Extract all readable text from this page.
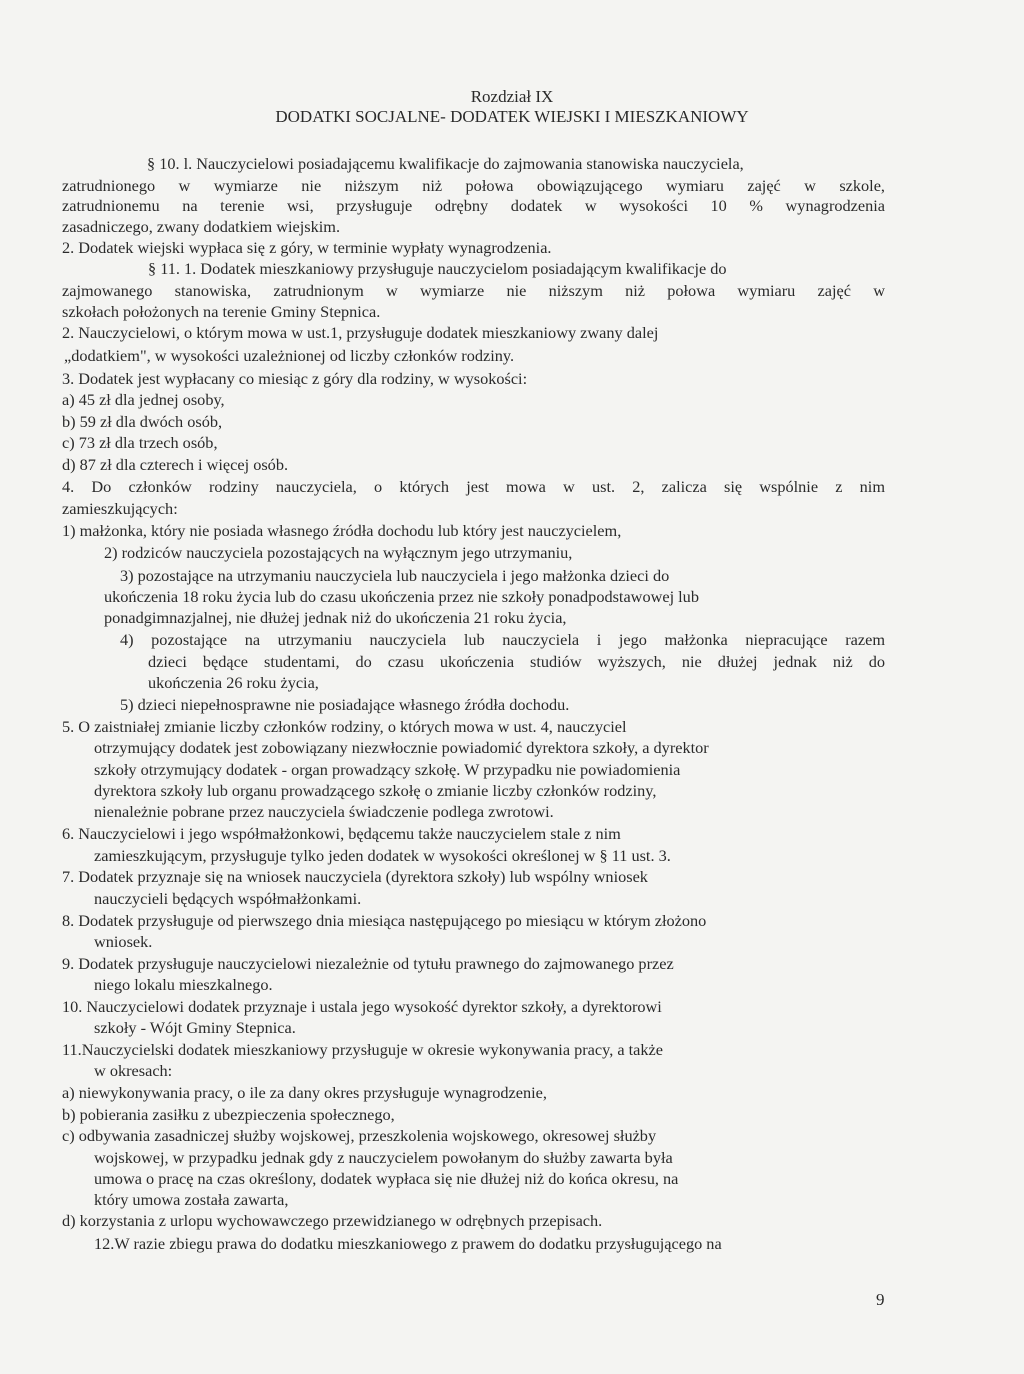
Rozdział IX
DODATKI SOCJALNE- DODATEK WIEJSKI I MIESZKANIOWY
§ 10. l. Nauczycielowi posiadającemu kwalifikacje do zajmowania stanowiska nauczyciela,
zatrudnionego w wymiarze nie niższym niż połowa obowiązującego wymiaru zajęć w szkole,
zatrudnionemu na terenie wsi, przysługuje odrębny dodatek w wysokości 10 % wynagrodzenia
zasadniczego, zwany dodatkiem wiejskim.
2. Dodatek wiejski wypłaca się z góry, w terminie wypłaty wynagrodzenia.
§ 11. 1. Dodatek mieszkaniowy przysługuje nauczycielom posiadającym kwalifikacje do
zajmowanego stanowiska, zatrudnionym w wymiarze nie niższym niż połowa wymiaru zajęć w
szkołach położonych na terenie Gminy Stepnica.
2. Nauczycielowi, o którym mowa w ust.1, przysługuje dodatek mieszkaniowy zwany dalej
„dodatkiem", w wysokości uzależnionej od liczby członków rodziny.
3. Dodatek jest wypłacany co miesiąc z góry dla rodziny, w wysokości:
a) 45 zł dla jednej osoby,
b) 59 zł dla dwóch osób,
c) 73 zł dla trzech osób,
d) 87 zł dla czterech i więcej osób.
4. Do członków rodziny nauczyciela, o których jest mowa w ust. 2, zalicza się wspólnie z nim
zamieszkujących:
1) małżonka, który nie posiada własnego źródła dochodu lub który jest nauczycielem,
2) rodziców nauczyciela pozostających na wyłącznym jego utrzymaniu,
3) pozostające na utrzymaniu nauczyciela lub nauczyciela i jego małżonka dzieci do
ukończenia 18 roku życia lub do czasu ukończenia przez nie szkoły ponadpodstawowej lub
ponadgimnazjalnej, nie dłużej jednak niż do ukończenia 21 roku życia,
4) pozostające na utrzymaniu nauczyciela lub nauczyciela i jego małżonka niepracujące razem
dzieci będące studentami, do czasu ukończenia studiów wyższych, nie dłużej jednak niż do
ukończenia 26 roku życia,
5) dzieci niepełnosprawne nie posiadające własnego źródła dochodu.
5. O zaistniałej zmianie liczby członków rodziny, o których mowa w ust. 4, nauczyciel
otrzymujący dodatek jest zobowiązany niezwłocznie powiadomić dyrektora szkoły, a dyrektor
szkoły otrzymujący dodatek - organ prowadzący szkołę. W przypadku nie powiadomienia
dyrektora szkoły lub organu prowadzącego szkołę o zmianie liczby członków rodziny,
nienależnie pobrane przez nauczyciela świadczenie podlega zwrotowi.
6. Nauczycielowi i jego współmałżonkowi, będącemu także nauczycielem stale z nim
zamieszkującym, przysługuje tylko jeden dodatek w wysokości określonej w § 11 ust. 3.
7. Dodatek przyznaje się na wniosek nauczyciela (dyrektora szkoły) lub wspólny wniosek
nauczycieli będących współmałżonkami.
8. Dodatek przysługuje od pierwszego dnia miesiąca następującego po miesiącu w którym złożono
wniosek.
9. Dodatek przysługuje nauczycielowi niezależnie od tytułu prawnego do zajmowanego przez
niego lokalu mieszkalnego.
10. Nauczycielowi dodatek przyznaje i ustala jego wysokość dyrektor szkoły, a dyrektorowi
szkoły - Wójt Gminy Stepnica.
11.Nauczycielski dodatek mieszkaniowy przysługuje w okresie wykonywania pracy, a także
w okresach:
a) niewykonywania pracy, o ile za dany okres przysługuje wynagrodzenie,
b) pobierania zasiłku z ubezpieczenia społecznego,
c) odbywania zasadniczej służby wojskowej, przeszkolenia wojskowego, okresowej służby
wojskowej, w przypadku jednak gdy z nauczycielem powołanym do służby zawarta była
umowa o pracę na czas określony, dodatek wypłaca się nie dłużej niż do końca okresu, na
który umowa została zawarta,
d) korzystania z urlopu wychowawczego przewidzianego w odrębnych przepisach.
12.W razie zbiegu prawa do dodatku mieszkaniowego z prawem do dodatku przysługującego na
9
